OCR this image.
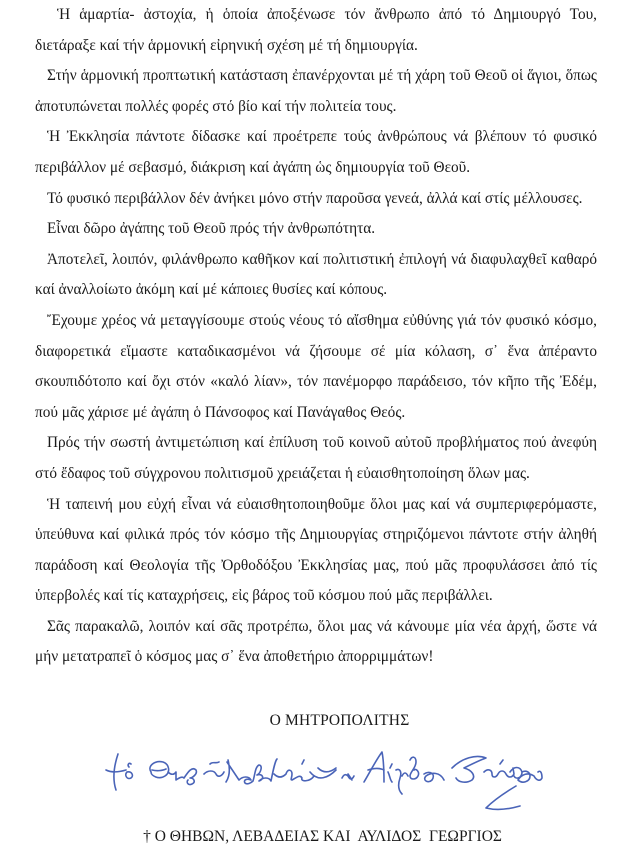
Ἡ ἁμαρτία- ἀστοχία, ἡ ὁποία ἀποξένωσε τόν ἄνθρωπο ἀπό τό Δημιουργό Του, διετάραξε καί τήν ἁρμονική εἰρηνική σχέση μέ τή δημιουργία.

Στήν ἁρμονική προπτωτική κατάσταση ἐπανέρχονται μέ τή χάρη τοῦ Θεοῦ οἱ ἅγιοι, ὅπως ἀποτυπώνεται πολλές φορές στό βίο καί τήν πολιτεία τους.

Ἡ Ἐκκλησία πάντοτε δίδασκε καί προέτρεπε τούς ἀνθρώπους νά βλέπουν τό φυσικό περιβάλλον μέ σεβασμό, διάκριση καί ἀγάπη ὡς δημιουργία τοῦ Θεοῦ.

Τό φυσικό περιβάλλον δέν ἀνήκει μόνο στήν παροῦσα γενεά, ἀλλά καί στίς μέλλουσες.

Εἶναι δῶρο ἀγάπης τοῦ Θεοῦ πρός τήν ἀνθρωπότητα.

Ἀποτελεῖ, λοιπόν, φιλάνθρωπο καθῆκον καί πολιτιστική ἐπιλογή νά διαφυλαχθεῖ καθαρό καί ἀναλλοίωτο ἀκόμη καί μέ κάποιες θυσίες καί κόπους.

Ἔχουμε χρέος νά μεταγγίσουμε στούς νέους τό αἴσθημα εὐθύνης γιά τόν φυσικό κόσμο, διαφορετικά εἴμαστε καταδικασμένοι νά ζήσουμε σέ μία κόλαση, σ᾽ ἕνα ἀπέραντο σκουπιδότοπο καί ὄχι στόν «καλό λίαν», τόν πανέμορφο παράδεισο, τόν κῆπο τῆς Ἐδέμ, πού μᾶς χάρισε μέ ἀγάπη ὁ Πάνσοφος καί Πανάγαθος Θεός.

Πρός τήν σωστή ἀντιμετώπιση καί ἐπίλυση τοῦ κοινοῦ αὐτοῦ προβλήματος πού ἀνεφύη στό ἔδαφος τοῦ σύγχρονου πολιτισμοῦ χρειάζεται ἡ εὐαισθητοποίηση ὅλων μας.

Ἡ ταπεινή μου εὐχή εἶναι νά εὐαισθητοποιηθοῦμε ὅλοι μας καί νά συμπεριφερόμαστε, ὑπεύθυνα καί φιλικά πρός τόν κόσμο τῆς Δημιουργίας στηριζόμενοι πάντοτε στήν ἀληθή παράδοση καί Θεολογία τῆς Ὀρθοδόξου Ἐκκλησίας μας, πού μᾶς προφυλάσσει ἀπό τίς ὑπερβολές καί τίς καταχρήσεις, εἰς βάρος τοῦ κόσμου πού μᾶς περιβάλλει.

Σᾶς παρακαλῶ, λοιπόν καί σᾶς προτρέπω, ὅλοι μας νά κάνουμε μία νέα ἀρχή, ὥστε νά μήν μετατραπεῖ ὁ κόσμος μας σ᾽ ἕνα ἀποθετήριο ἀπορριμμάτων!

Ο ΜΗΤΡΟΠΟΛΙΤΗΣ
† Ο ΘΗΒΩΝ, ΛΕΒΑΔΕΙΑΣ ΚΑΙ  ΑΥΛΙΔΟΣ  ΓΕΩΡΓΙΟΣ
